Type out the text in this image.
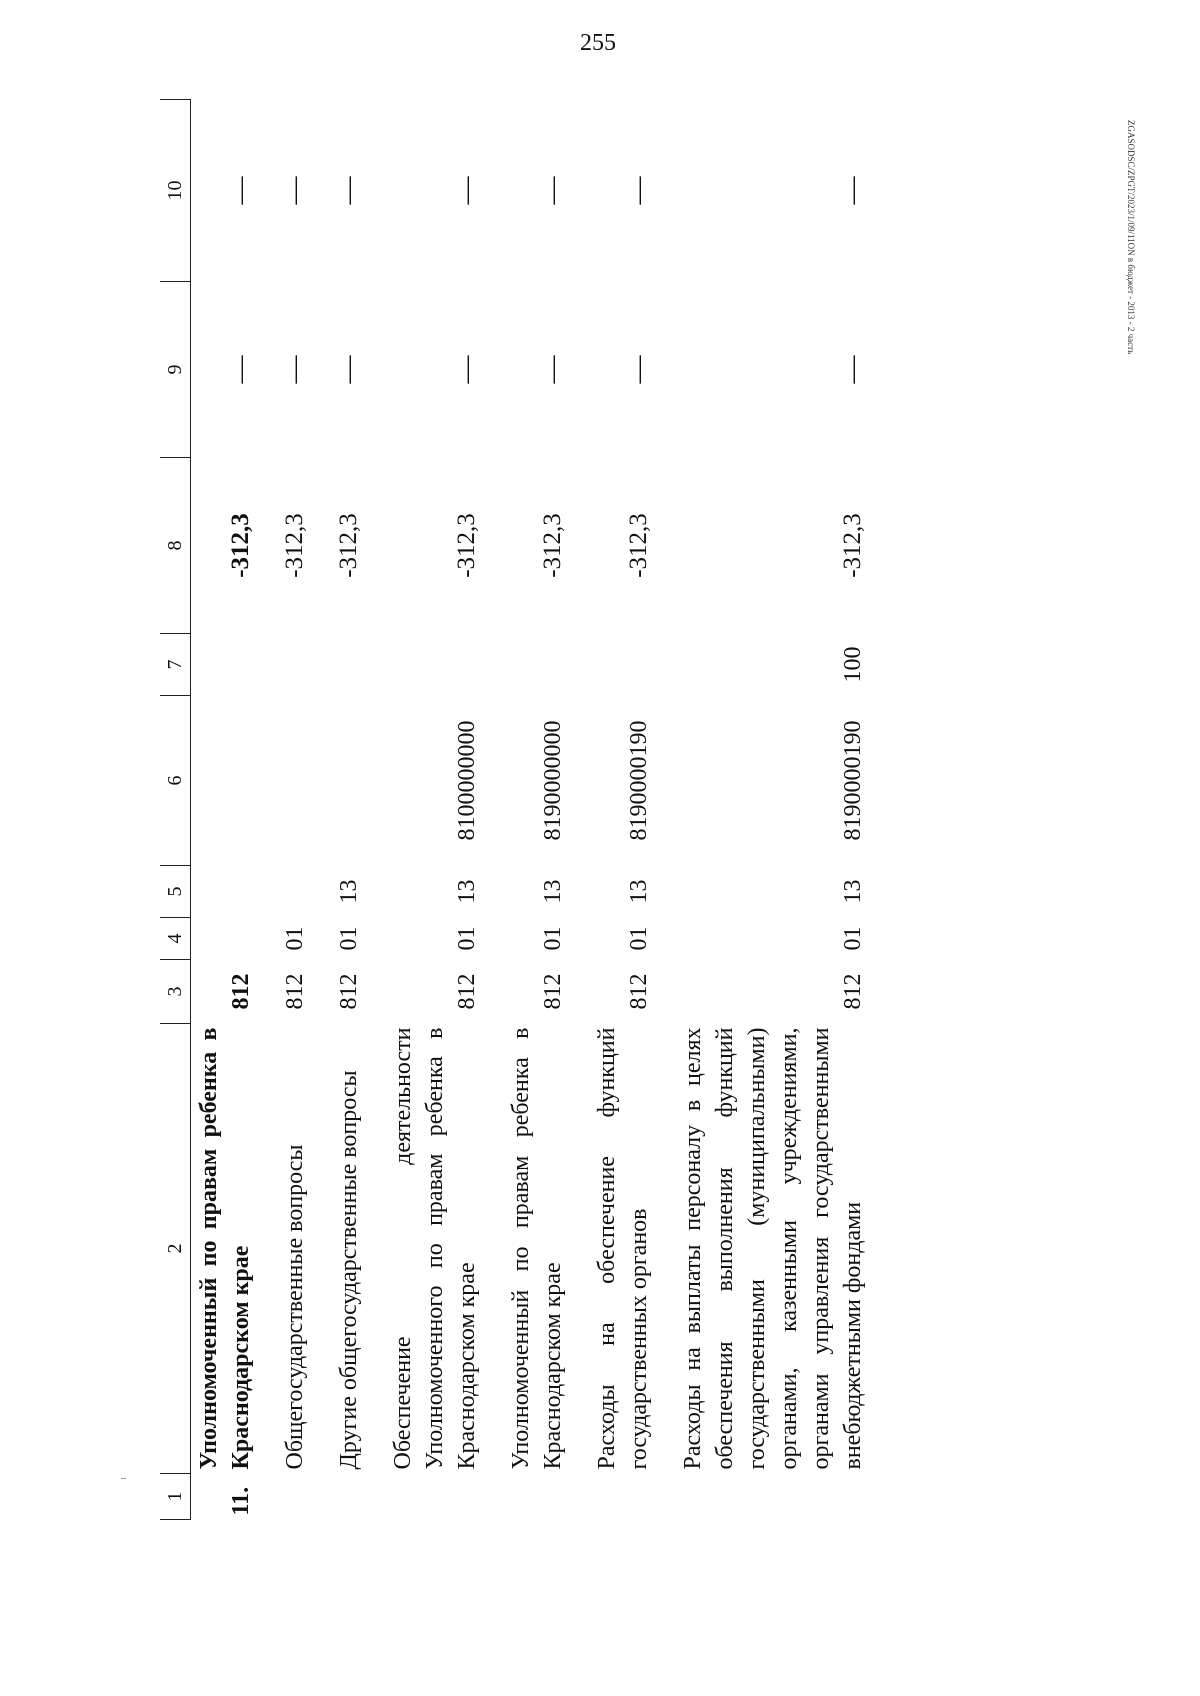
255
ZGASODSC/ZPGТ/2023/1/09/11ON в бюджет - 2013 - 2 часть
1	2	3	4	5	6	7	8	9	10
11.	Уполномоченный по правам ребенка в Краснодарском крае	812					-312,3	—	—
	Общегосударственные вопросы	812	01				-312,3	—	—
	Другие общегосударственные вопросы	812	01	13			-312,3	—	—
	Обеспечение деятельности Уполномоченного по правам ребенка в Краснодарском крае	812	01	13	8100000000		-312,3	—	—
	Уполномоченный по правам ребенка в Краснодарском крае	812	01	13	8190000000		-312,3	—	—
	Расходы на обеспечение функций государственных органов	812	01	13	8190000190		-312,3	—	—
	Расходы на выплаты персоналу в целях обеспечения выполнения функций государственными (муниципальными) органами, казенными учреждениями, органами управления государственными внебюджетными фондами	812	01	13	8190000190	100	-312,3	—	—
